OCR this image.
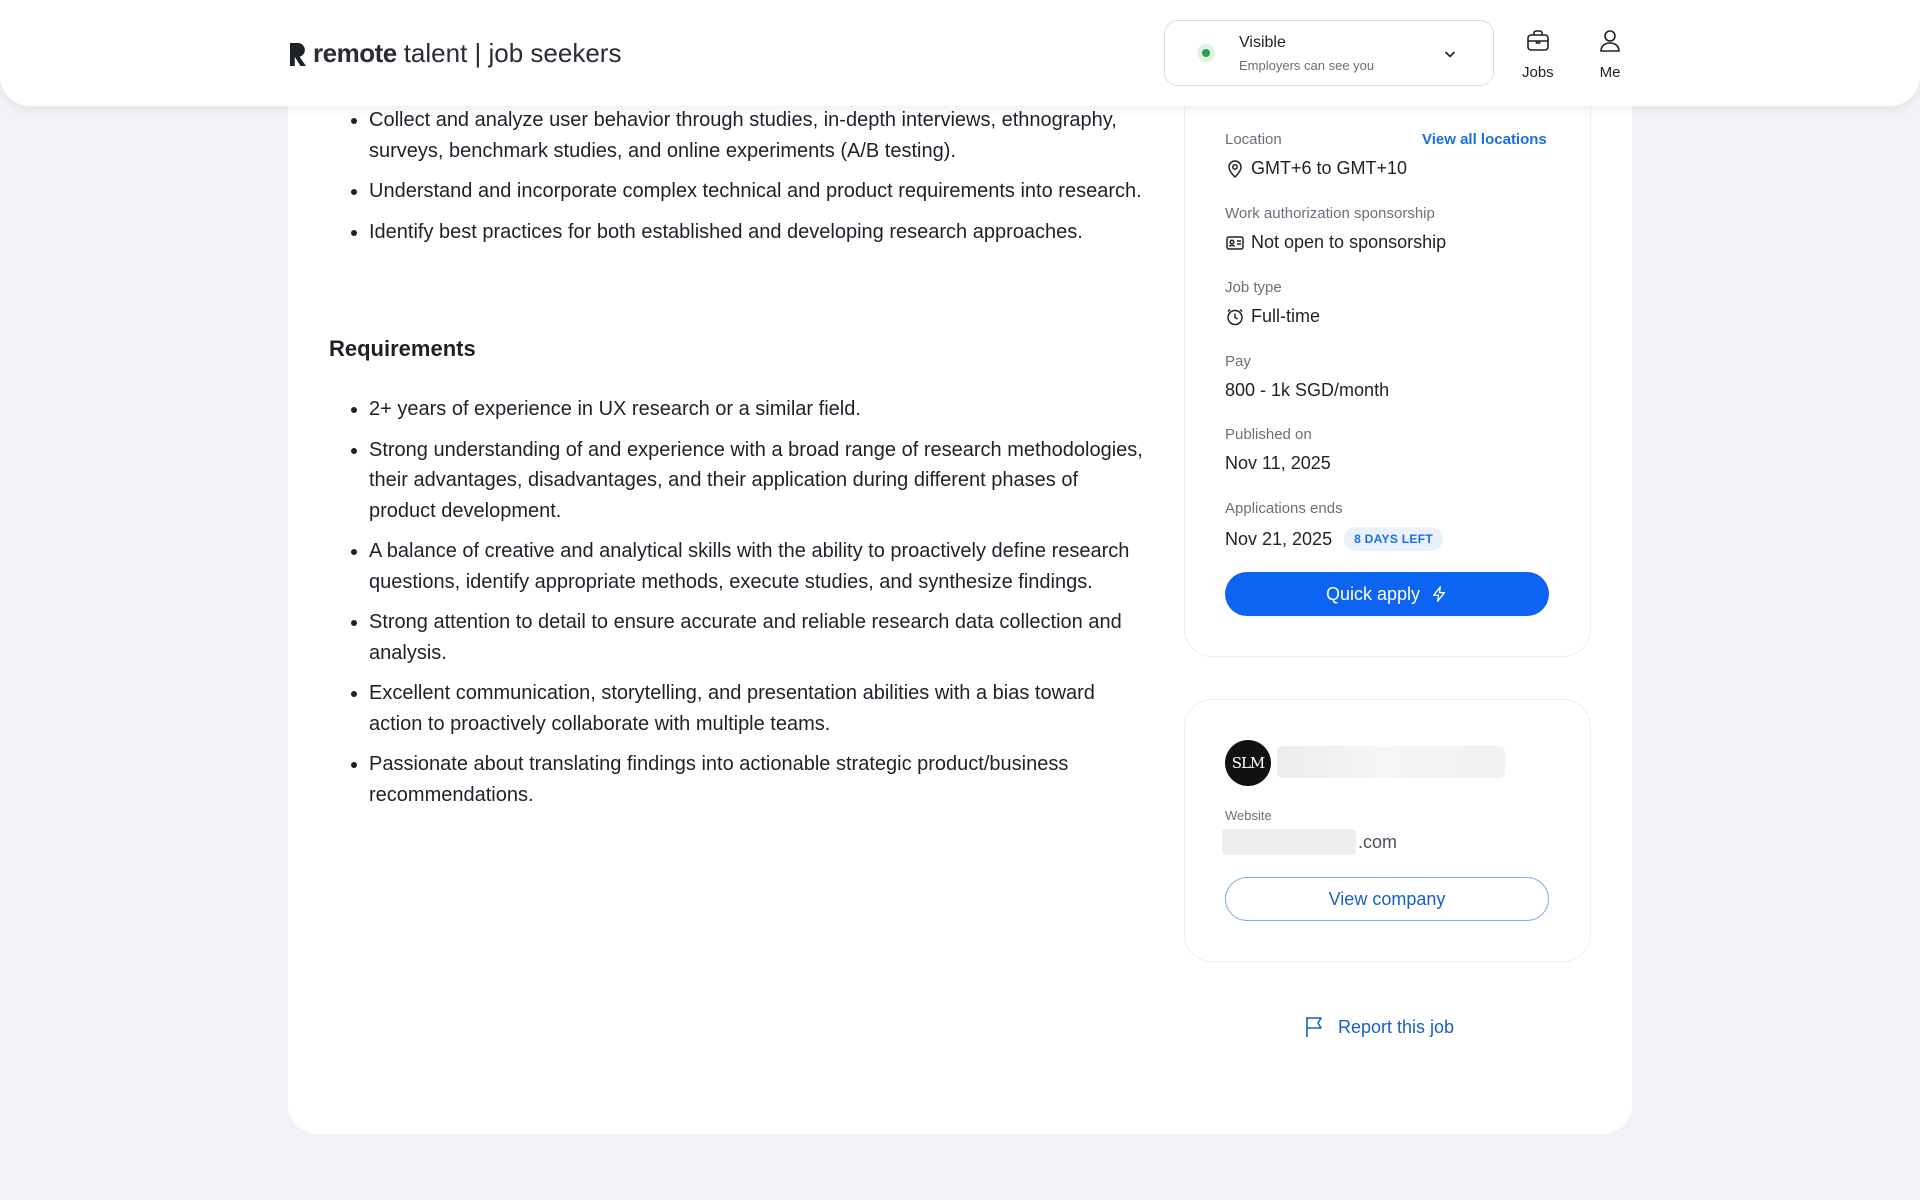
Collect and analyze user behavior through studies, in-depth interviews, ethnography, surveys, benchmark studies, and online experiments (A/B testing).
Understand and incorporate complex technical and product requirements into research.
Identify best practices for both established and developing research approaches.
Requirements
2+ years of experience in UX research or a similar field.
Strong understanding of and experience with a broad range of research methodologies, their advantages, disadvantages, and their application during different phases of product development.
A balance of creative and analytical skills with the ability to proactively define research questions, identify appropriate methods, execute studies, and synthesize findings.
Strong attention to detail to ensure accurate and reliable research data collection and analysis.
Excellent communication, storytelling, and presentation abilities with a bias toward action to proactively collaborate with multiple teams.
Passionate about translating findings into actionable strategic product/business recommendations.
Location
GMT+6 to GMT+10
View all locations
Work authorization sponsorship
Not open to sponsorship
Job type
Full-time
Pay
800 - 1k SGD/month
Published on
Nov 11, 2025
Applications ends
Nov 21, 2025	8 DAYS LEFT
Quick apply
SLM
Website
.com
View company
Report this job
remote talent | job seekers	Visible
Employers can see you	Jobs	Me
